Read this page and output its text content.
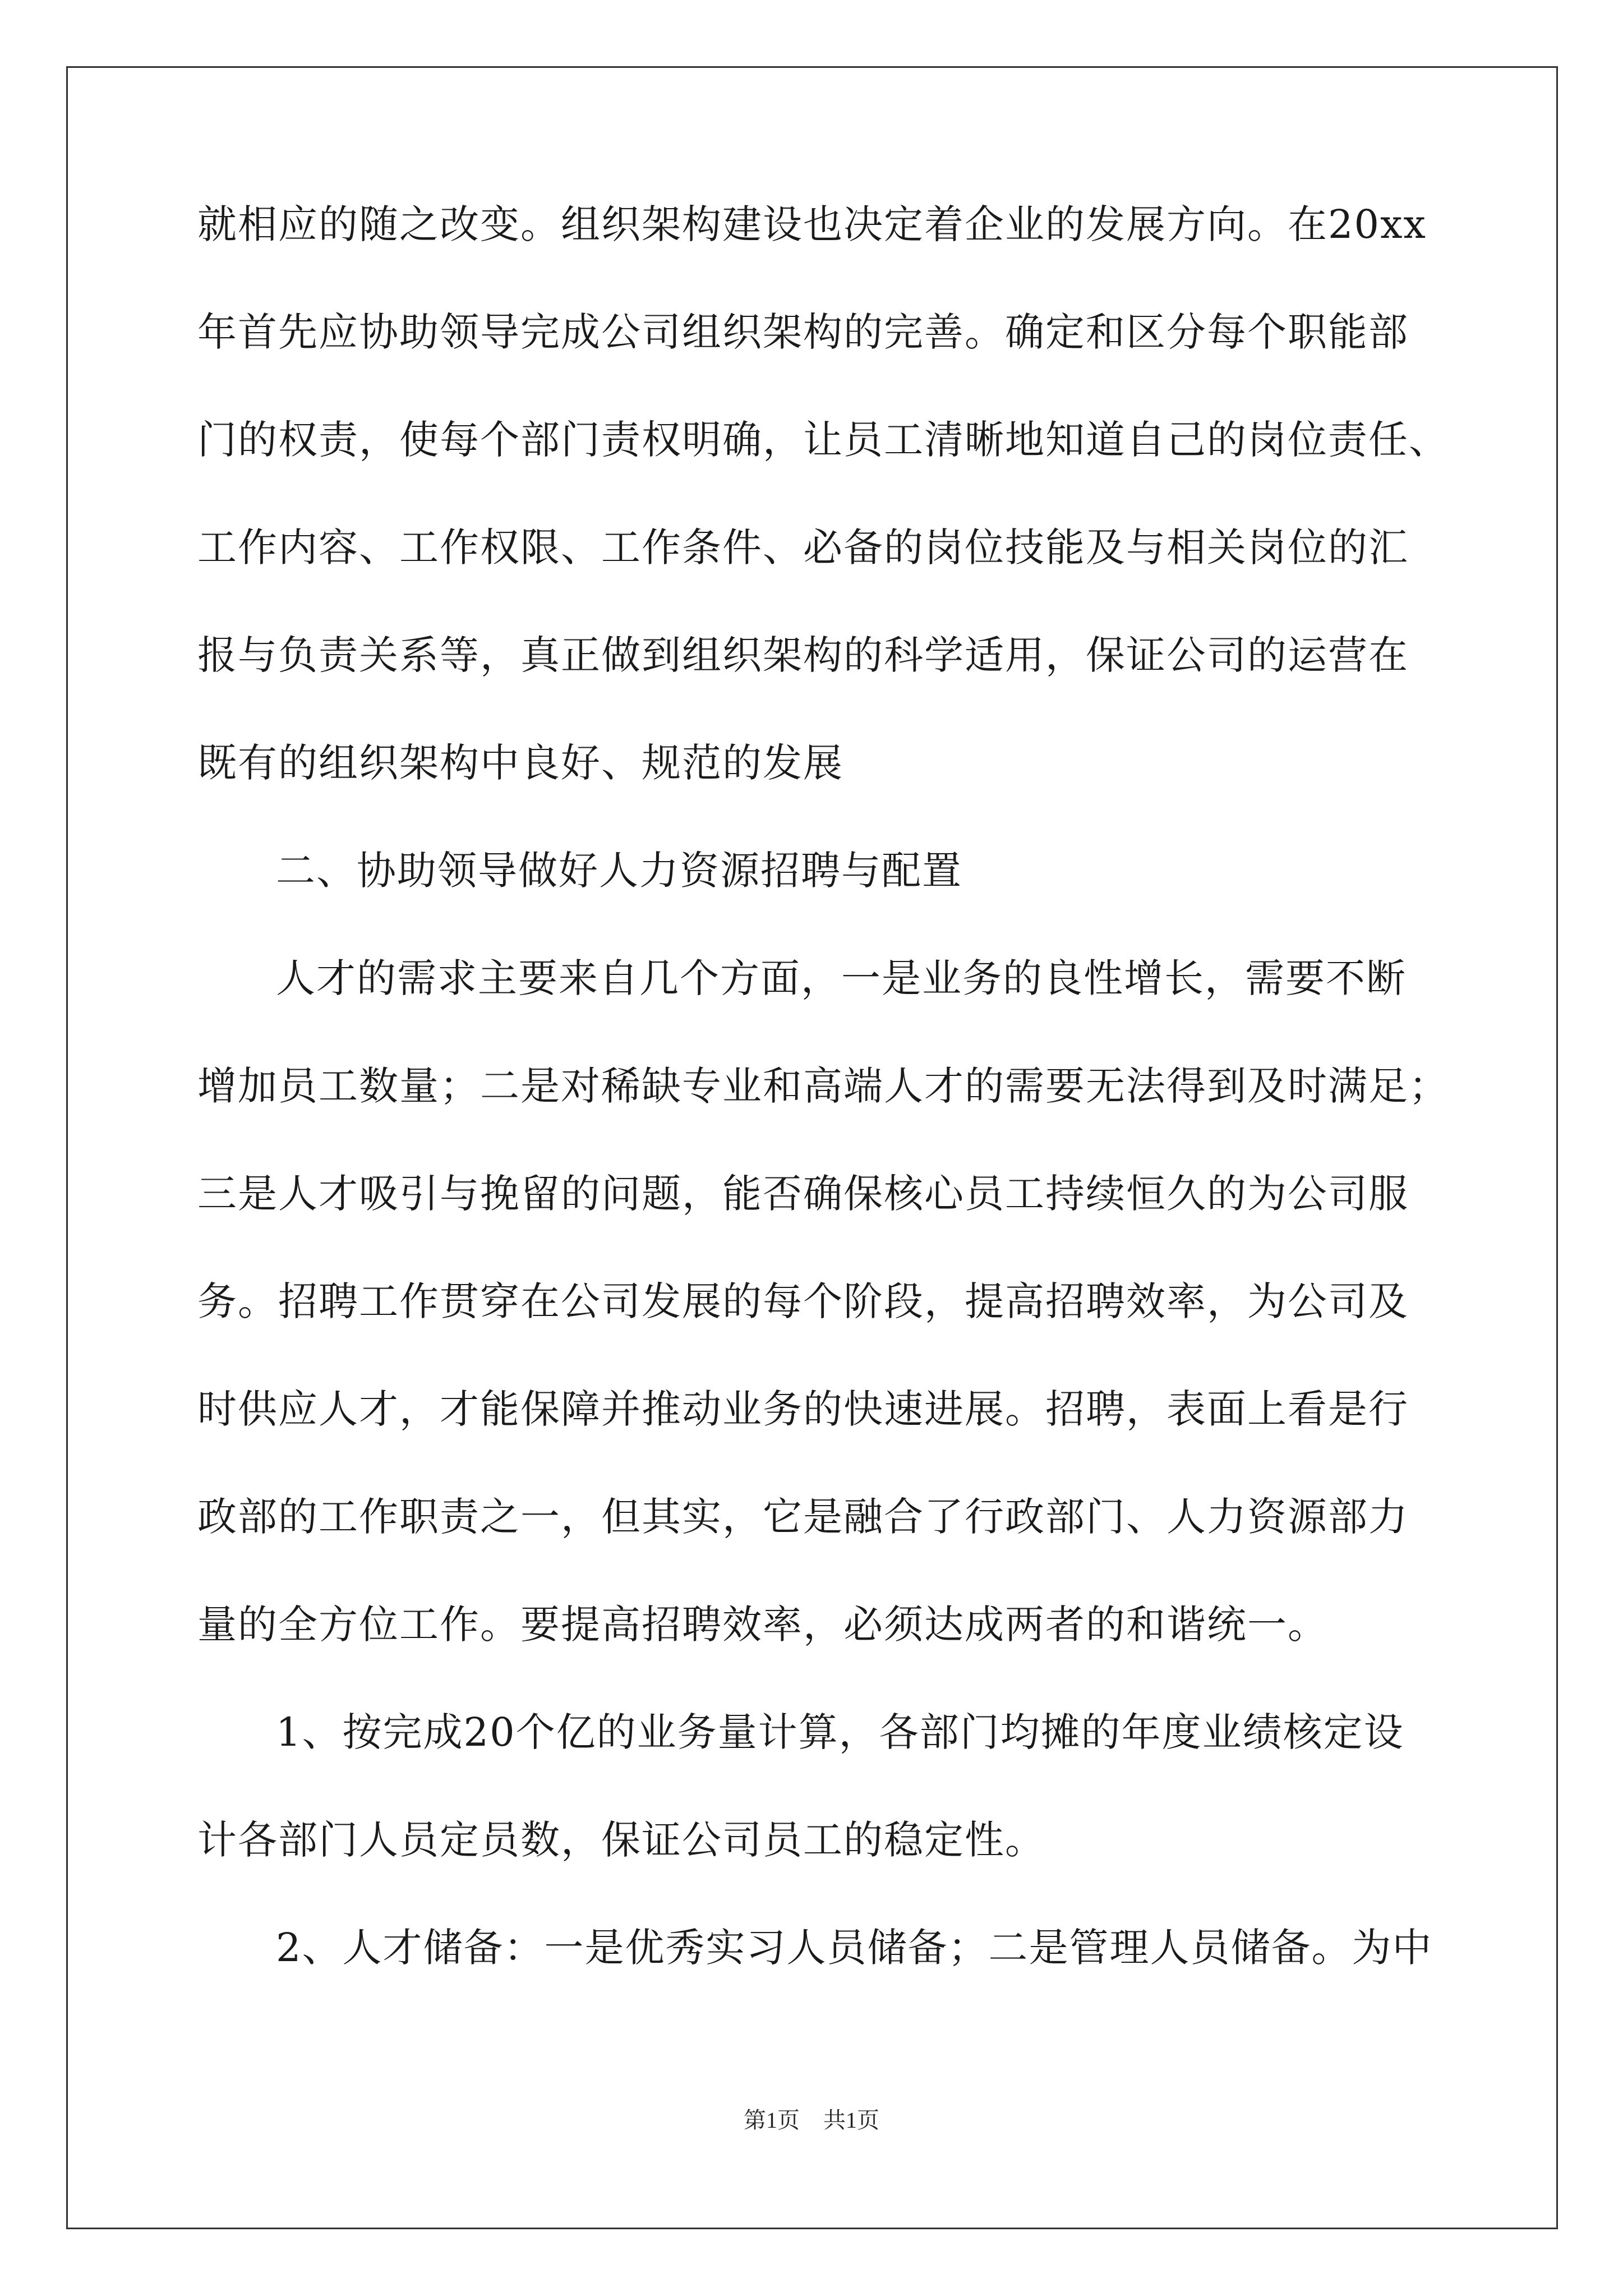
就相应的随之改变。组织架构建设也决定着企业的发展方向。在20xx
年首先应协助领导完成公司组织架构的完善。确定和区分每个职能部
门的权责，使每个部门责权明确，让员工清晰地知道自己的岗位责任、
工作内容、工作权限、工作条件、必备的岗位技能及与相关岗位的汇
报与负责关系等，真正做到组织架构的科学适用，保证公司的运营在
既有的组织架构中良好、规范的发展
二、协助领导做好人力资源招聘与配置
人才的需求主要来自几个方面，一是业务的良性增长，需要不断
增加员工数量；二是对稀缺专业和高端人才的需要无法得到及时满足；
三是人才吸引与挽留的问题，能否确保核心员工持续恒久的为公司服
务。招聘工作贯穿在公司发展的每个阶段，提高招聘效率，为公司及
时供应人才，才能保障并推动业务的快速进展。招聘，表面上看是行
政部的工作职责之一，但其实，它是融合了行政部门、人力资源部力
量的全方位工作。要提高招聘效率，必须达成两者的和谐统一。
1、按完成20个亿的业务量计算，各部门均摊的年度业绩核定设
计各部门人员定员数，保证公司员工的稳定性。
2、人才储备：一是优秀实习人员储备；二是管理人员储备。为中
第1页 共1页
